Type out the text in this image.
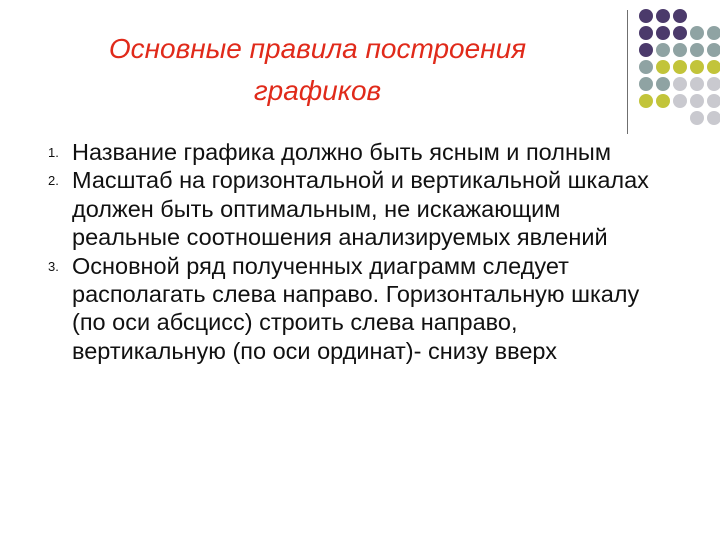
Основные правила построения
графиков
1. Название графика должно быть ясным и полным
2. Масштаб на горизонтальной и вертикальной шкалах должен быть оптимальным, не искажающим реальные соотношения анализируемых явлений
3. Основной ряд полученных диаграмм следует располагать слева направо. Горизонтальную шкалу (по оси абсцисс) строить слева направо, вертикальную (по оси ординат)- снизу вверх
